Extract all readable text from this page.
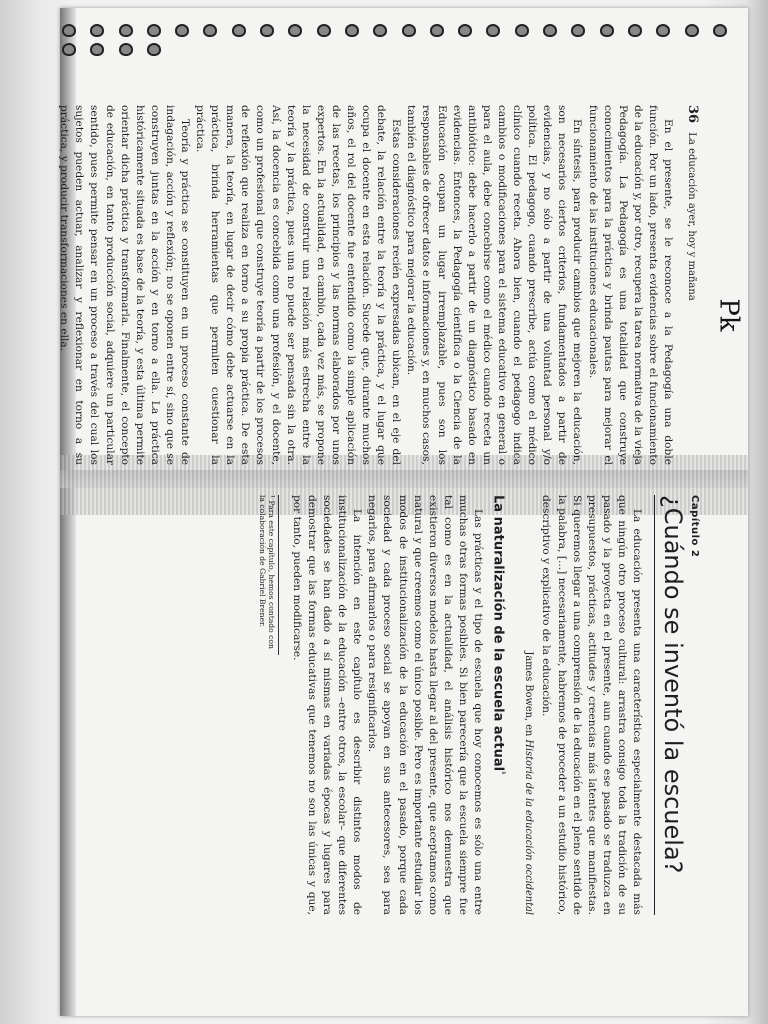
36 La educación ayer, hoy y mañana

En el presente, se le reconoce a la Pedagogía una doble función. Por un lado, presenta evidencias sobre el funcionamiento de la educación y, por otro, recupera la tarea normativa de la vieja Pedagogía. La Pedagogía es una totalidad que construye conocimientos para la práctica y brinda pautas para mejorar el funcionamiento de las instituciones educacionales.

En síntesis, para producir cambios que mejoren la educación, son necesarios ciertos criterios, fundamentados a partir de evidencias, y no sólo a partir de una voluntad personal y/o política. El pedagogo, cuando prescribe, actúa como el médico clínico cuando receta. Ahora bien, cuando el pedagogo indica cambios o modificaciones para el sistema educativo en general o para el aula, debe concebirse como el médico cuando receta un antibiótico: debe hacerlo a partir de un diagnóstico basado en evidencias. Entonces, la Pedagogía científica o la Ciencia de la Educación ocupan un lugar irremplazable, pues son los responsables de ofrecer datos e informaciones y, en muchos casos, también el diagnóstico para mejorar la educación.

Estas consideraciones recién expresadas ubican, en el eje del debate, la relación entre la teoría y la práctica, y el lugar que ocupa el docente en esta relación. Sucede que, durante muchos años, el rol del docente fue entendido como la simple aplicación de las recetas, los principios y las normas elaborados por unos expertos. En la actualidad, en cambio, cada vez más, se propone la necesidad de construir una relación más estrecha entre la teoría y la práctica, pues una no puede ser pensada sin la otra. Así, la docencia es concebida como una profesión, y el docente, como un profesional que construye teoría a partir de los procesos de reflexión que realiza en torno a su propia práctica. De esta manera, la teoría, en lugar de decir cómo debe actuarse en la práctica, brinda herramientas que permiten cuestionar la práctica.

Teoría y práctica se constituyen en un proceso constante de indagación, acción y reflexión; no se oponen entre sí, sino que se construyen juntas en la acción y en torno a ella. La práctica históricamente situada es base de la teoría, y esta última permite orientar dicha práctica y transformarla. Finalmente, el concepto de educación, en tanto producción social, adquiere un particular sentido, pues permite pensar en un proceso a través del cual los sujetos pueden actuar, analizar y reflexionar en torno a su práctica, y producir transformaciones en ella.

Capítulo 2
¿Cuándo se inventó la escuela?

La educación presenta una característica especialmente destacada más que ningún otro proceso cultural: arrastra consigo toda la tradición de su pasado y la proyecta en el presente, aun cuando ese pasado se traduzca en presupuestos, prácticas, actitudes y creencias más latentes que manifiestas. Si queremos llegar a una comprensión de la educación en el pleno sentido de la palabra, [...] necesariamente, habremos de proceder a un estudio histórico, descriptivo y explicativo de la educación.

James Bowen, en Historia de la educación occidental
La naturalización de la escuela actual$^{^1}$

Las prácticas y el tipo de escuela que hoy conocemos es sólo una entre muchas otras formas posibles. Si bien parecería que la escuela siempre fue tal como es en la actualidad, el análisis histórico nos demuestra que existieron diversos modelos hasta llegar al del presente, que aceptamos como natural y que creemos como el único posible. Pero es importante estudiar los modos de institucionalización de la educación en el pasado, porque cada sociedad y cada proceso social se apoyan en sus antecesores, sea para negarlos, para afirmarlos o para resignificarlos.

La intención en este capítulo es describir distintos modos de institucionalización de la educación –entre otros, la escolar– que diferentes sociedades se han dado a sí mismas en variadas épocas y lugares para demostrar que las formas educativas que tenemos no son las únicas y que, por tanto, pueden modificarse.

¹ Para este capítulo, hemos contado con la colaboración de Gabriel Brener.
Pk
